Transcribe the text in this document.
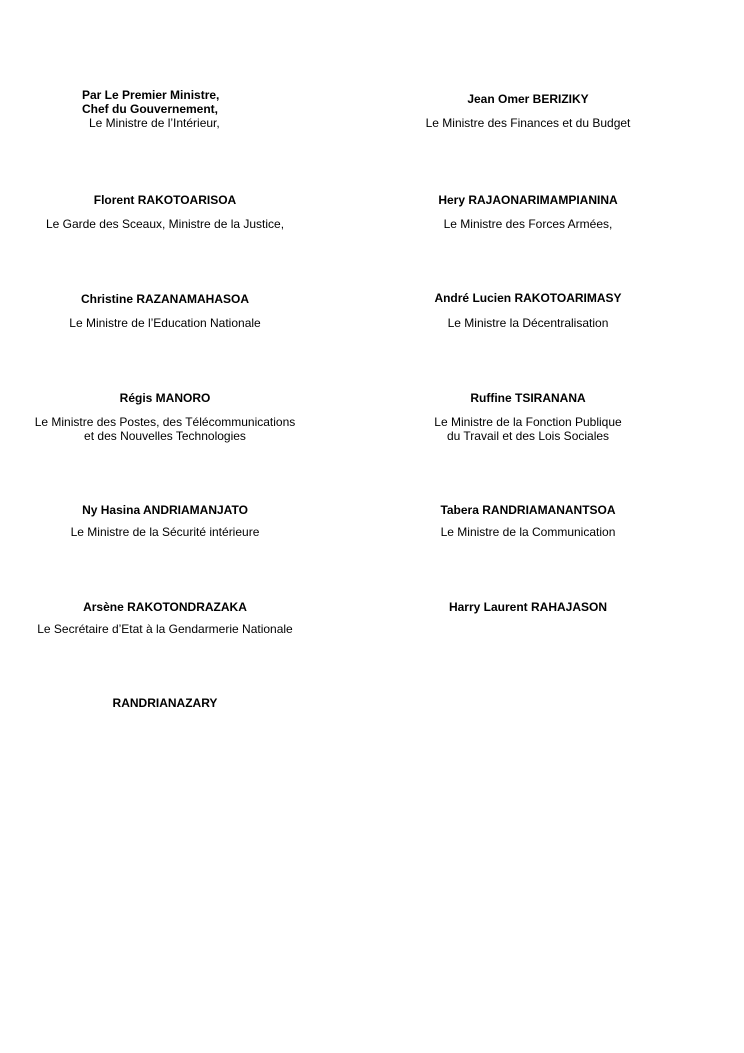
Par Le Premier Ministre,
Chef du Gouvernement,
Le Ministre de l’Intérieur,
Jean Omer BERIZIKY
Le Ministre des Finances et du Budget
Florent RAKOTOARISOA
Le Garde des Sceaux, Ministre de la Justice,
Hery RAJAONARIMAMPIANINA
Le Ministre des Forces Armées,
Christine RAZANAMAHASOA
Le Ministre de l’Education Nationale
André Lucien RAKOTOARIMASY
Le Ministre la Décentralisation
Régis MANORO
Le Ministre des Postes, des Télécommunications
et des Nouvelles Technologies
Ruffine TSIRANANA
Le Ministre de la Fonction Publique
du Travail et des Lois Sociales
Ny Hasina ANDRIAMANJATO
Le Ministre de la Sécurité intérieure
Tabera RANDRIAMANANTSOA
Le Ministre de la Communication
Arsène RAKOTONDRAZAKA
Le Secrétaire d’Etat à la Gendarmerie Nationale
Harry Laurent RAHAJASON
RANDRIANAZARY
